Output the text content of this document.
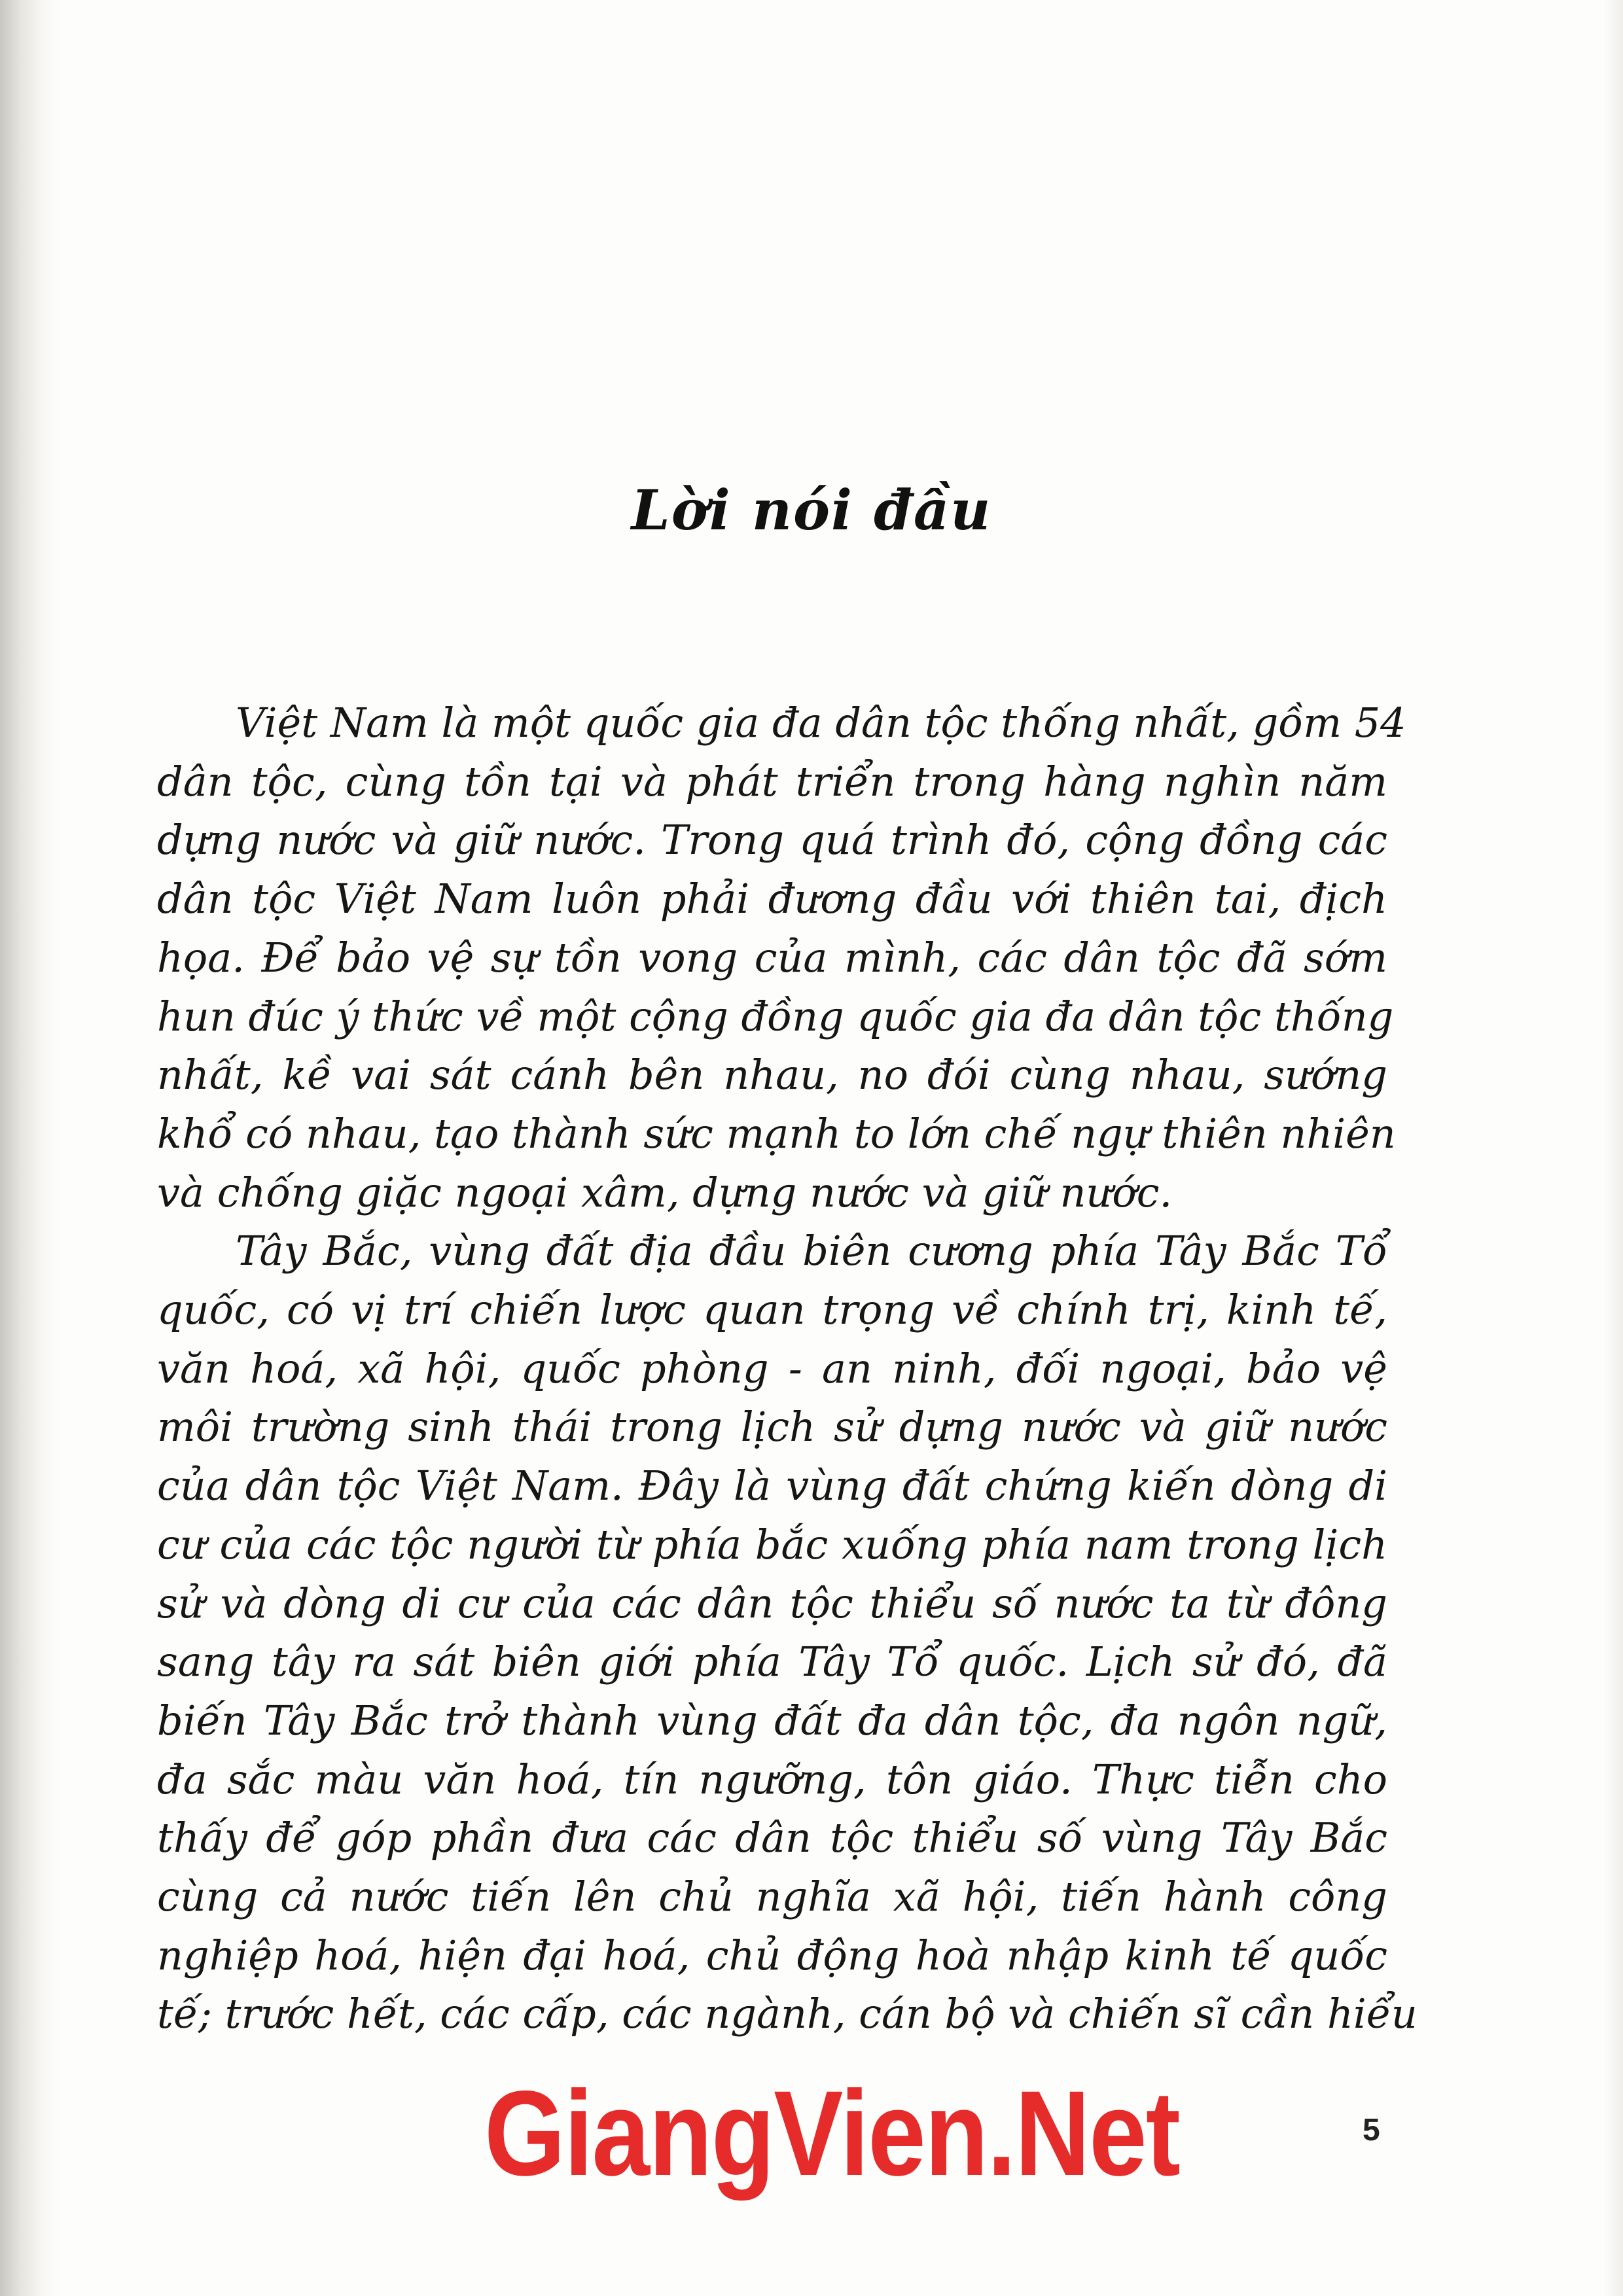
Lời nói đầu
Việt Nam là một quốc gia đa dân tộc thống nhất, gồm 54
dân tộc, cùng tồn tại và phát triển trong hàng nghìn năm
dựng nước và giữ nước. Trong quá trình đó, cộng đồng các
dân tộc Việt Nam luôn phải đương đầu với thiên tai, địch
họa. Để bảo vệ sự tồn vong của mình, các dân tộc đã sớm
hun đúc ý thức về một cộng đồng quốc gia đa dân tộc thống
nhất, kề vai sát cánh bên nhau, no đói cùng nhau, sướng
khổ có nhau, tạo thành sức mạnh to lớn chế ngự thiên nhiên
và chống giặc ngoại xâm, dựng nước và giữ nước.
Tây Bắc, vùng đất địa đầu biên cương phía Tây Bắc Tổ
quốc, có vị trí chiến lược quan trọng về chính trị, kinh tế,
văn hoá, xã hội, quốc phòng - an ninh, đối ngoại, bảo vệ
môi trường sinh thái trong lịch sử dựng nước và giữ nước
của dân tộc Việt Nam. Đây là vùng đất chứng kiến dòng di
cư của các tộc người từ phía bắc xuống phía nam trong lịch
sử và dòng di cư của các dân tộc thiểu số nước ta từ đông
sang tây ra sát biên giới phía Tây Tổ quốc. Lịch sử đó, đã
biến Tây Bắc trở thành vùng đất đa dân tộc, đa ngôn ngữ,
đa sắc màu văn hoá, tín ngưỡng, tôn giáo. Thực tiễn cho
thấy để góp phần đưa các dân tộc thiểu số vùng Tây Bắc
cùng cả nước tiến lên chủ nghĩa xã hội, tiến hành công
nghiệp hoá, hiện đại hoá, chủ động hoà nhập kinh tế quốc
tế; trước hết, các cấp, các ngành, cán bộ và chiến sĩ cần hiểu
GiangVien.Net	5
